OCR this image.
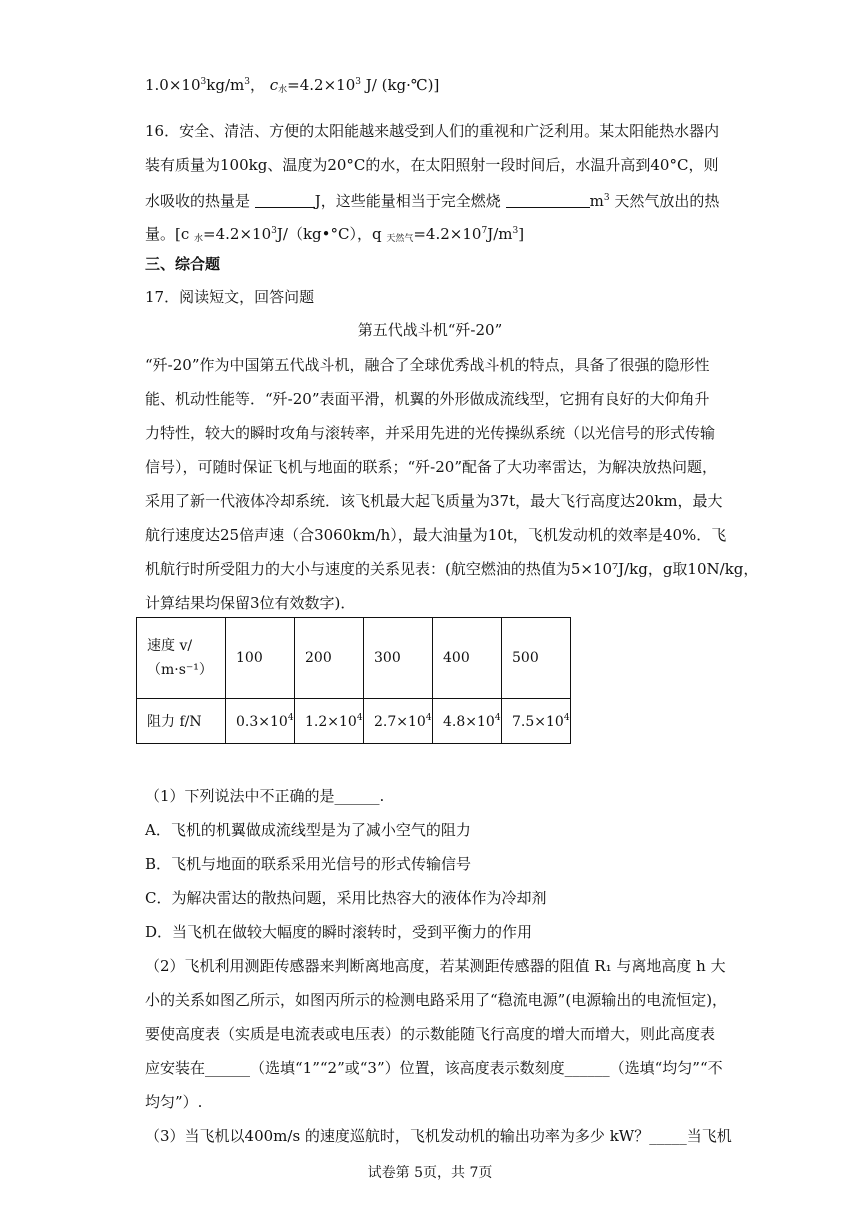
$1.0\times 10^3kg/m^3$， $c_水=4.2\times 10^3$ J/ (kg·℃)]
16．安全、清洁、方便的太阳能越来越受到人们的重视和广泛利用。某太阳能热水器内
装有质量为100kg、温度为20°C的水，在太阳照射一段时间后，水温升高到40°C，则
水吸收的热量是	J，这些能量相当于完全燃烧	$m^3$ 天然气放出的热
量。[c $_水=4.2\times 10^3J/(kg•^\circ C)$，q $_{天然气}=4.2\times 10^7J/m^3$]
三、综合题
17．阅读短文，回答问题
第五代战斗机“歼-20”
“歼-20”作为中国第五代战斗机，融合了全球优秀战斗机的特点，具备了很强的隐形性
能、机动性能等．“歼-20”表面平滑，机翼的外形做成流线型，它拥有良好的大仰角升
力特性，较大的瞬时攻角与滚转率，并采用先进的光传操纵系统（以光信号的形式传输
信号），可随时保证飞机与地面的联系；“歼-20”配备了大功率雷达，为解决放热问题，
采用了新一代液体冷却系统．该飞机最大起飞质量为37t，最大飞行高度达20km，最大
航行速度达25倍声速（合3060km/h），最大油量为10t，飞机发动机的效率是40%．飞
机航行时所受阻力的大小与速度的关系见表：(航空燃油的热值为5×10⁷J/kg，g取10N/kg，
计算结果均保留3位有效数字)．
速度 v/
（m·s⁻¹）	100	200	300	400	500
阻力 f/N	$0.3\times 10^4$	$1.2\times 10^4$	$2.7\times 10^4$	$4.8\times 10^4$	$7.5\times 10^4$
（1）下列说法中不正确的是______.
A．飞机的机翼做成流线型是为了减小空气的阻力
B．飞机与地面的联系采用光信号的形式传输信号
C．为解决雷达的散热问题，采用比热容大的液体作为冷却剂
D．当飞机在做较大幅度的瞬时滚转时，受到平衡力的作用
（2）飞机利用测距传感器来判断离地高度，若某测距传感器的阻值 R₁ 与离地高度 h 大
小的关系如图乙所示，如图丙所示的检测电路采用了“稳流电源”(电源输出的电流恒定)，
要使高度表（实质是电流表或电压表）的示数能随飞行高度的增大而增大，则此高度表
应安装在______（选填“1”“2”或“3”）位置，该高度表示数刻度______（选填“均匀”“不
均匀”）.
（3）当飞机以400m/s 的速度巡航时，飞机发动机的输出功率为多少 kW？_____当飞机
试卷第 5页，共 7页
